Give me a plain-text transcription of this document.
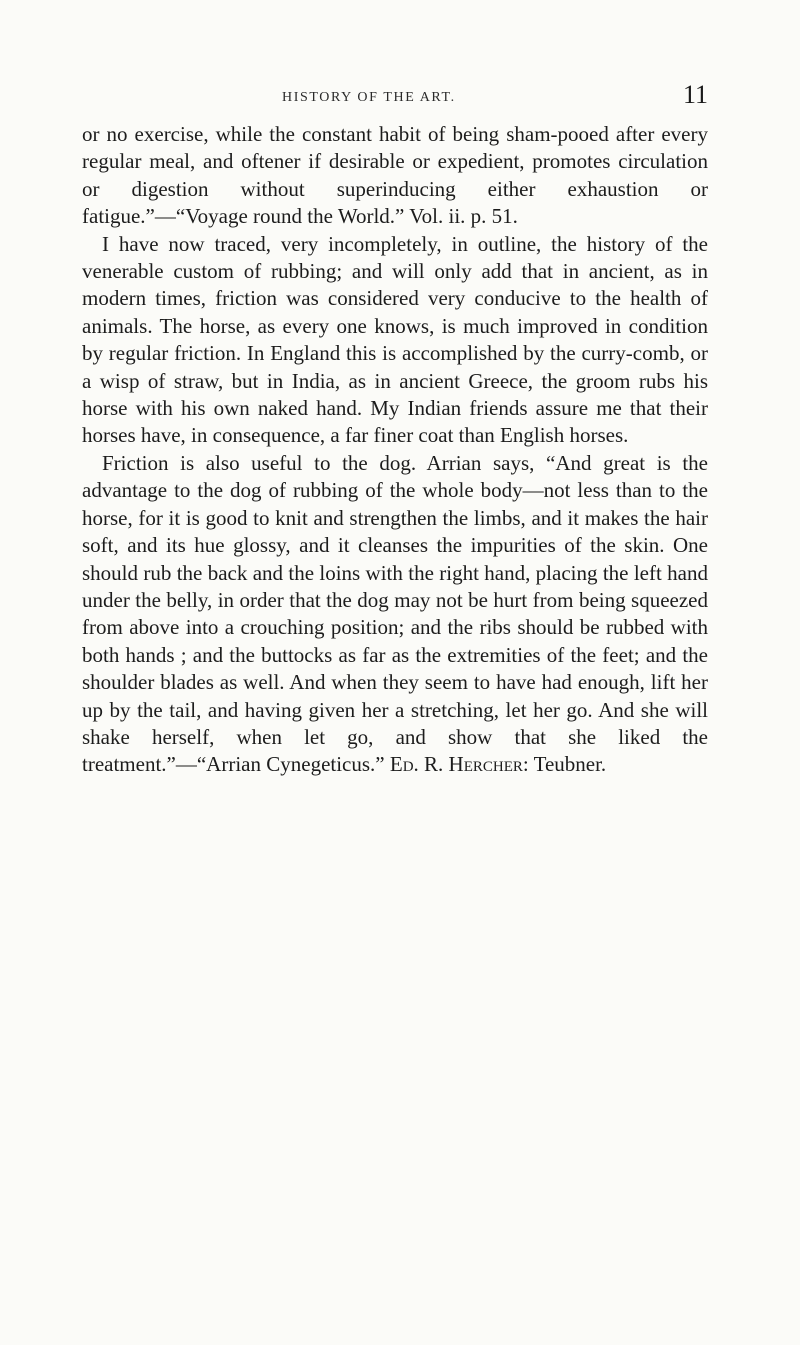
HISTORY OF THE ART.	11

or no exercise, while the constant habit of being sham-pooed after every regular meal, and oftener if desirable or expedient, promotes circulation or digestion without superinducing either exhaustion or fatigue.”—“Voyage round the World.” Vol. ii. p. 51.

I have now traced, very incompletely, in outline, the history of the venerable custom of rubbing; and will only add that in ancient, as in modern times, friction was considered very conducive to the health of animals. The horse, as every one knows, is much improved in condition by regular friction. In England this is accomplished by the curry-comb, or a wisp of straw, but in India, as in ancient Greece, the groom rubs his horse with his own naked hand. My Indian friends assure me that their horses have, in consequence, a far finer coat than English horses.

Friction is also useful to the dog. Arrian says, “And great is the advantage to the dog of rubbing of the whole body—not less than to the horse, for it is good to knit and strengthen the limbs, and it makes the hair soft, and its hue glossy, and it cleanses the impurities of the skin. One should rub the back and the loins with the right hand, placing the left hand under the belly, in order that the dog may not be hurt from being squeezed from above into a crouching position; and the ribs should be rubbed with both hands ; and the buttocks as far as the extremities of the feet; and the shoulder blades as well. And when they seem to have had enough, lift her up by the tail, and having given her a stretching, let her go. And she will shake herself, when let go, and show that she liked the treatment.”—“Arrian Cynegeticus.” Ed. R. Hercher: Teubner.
